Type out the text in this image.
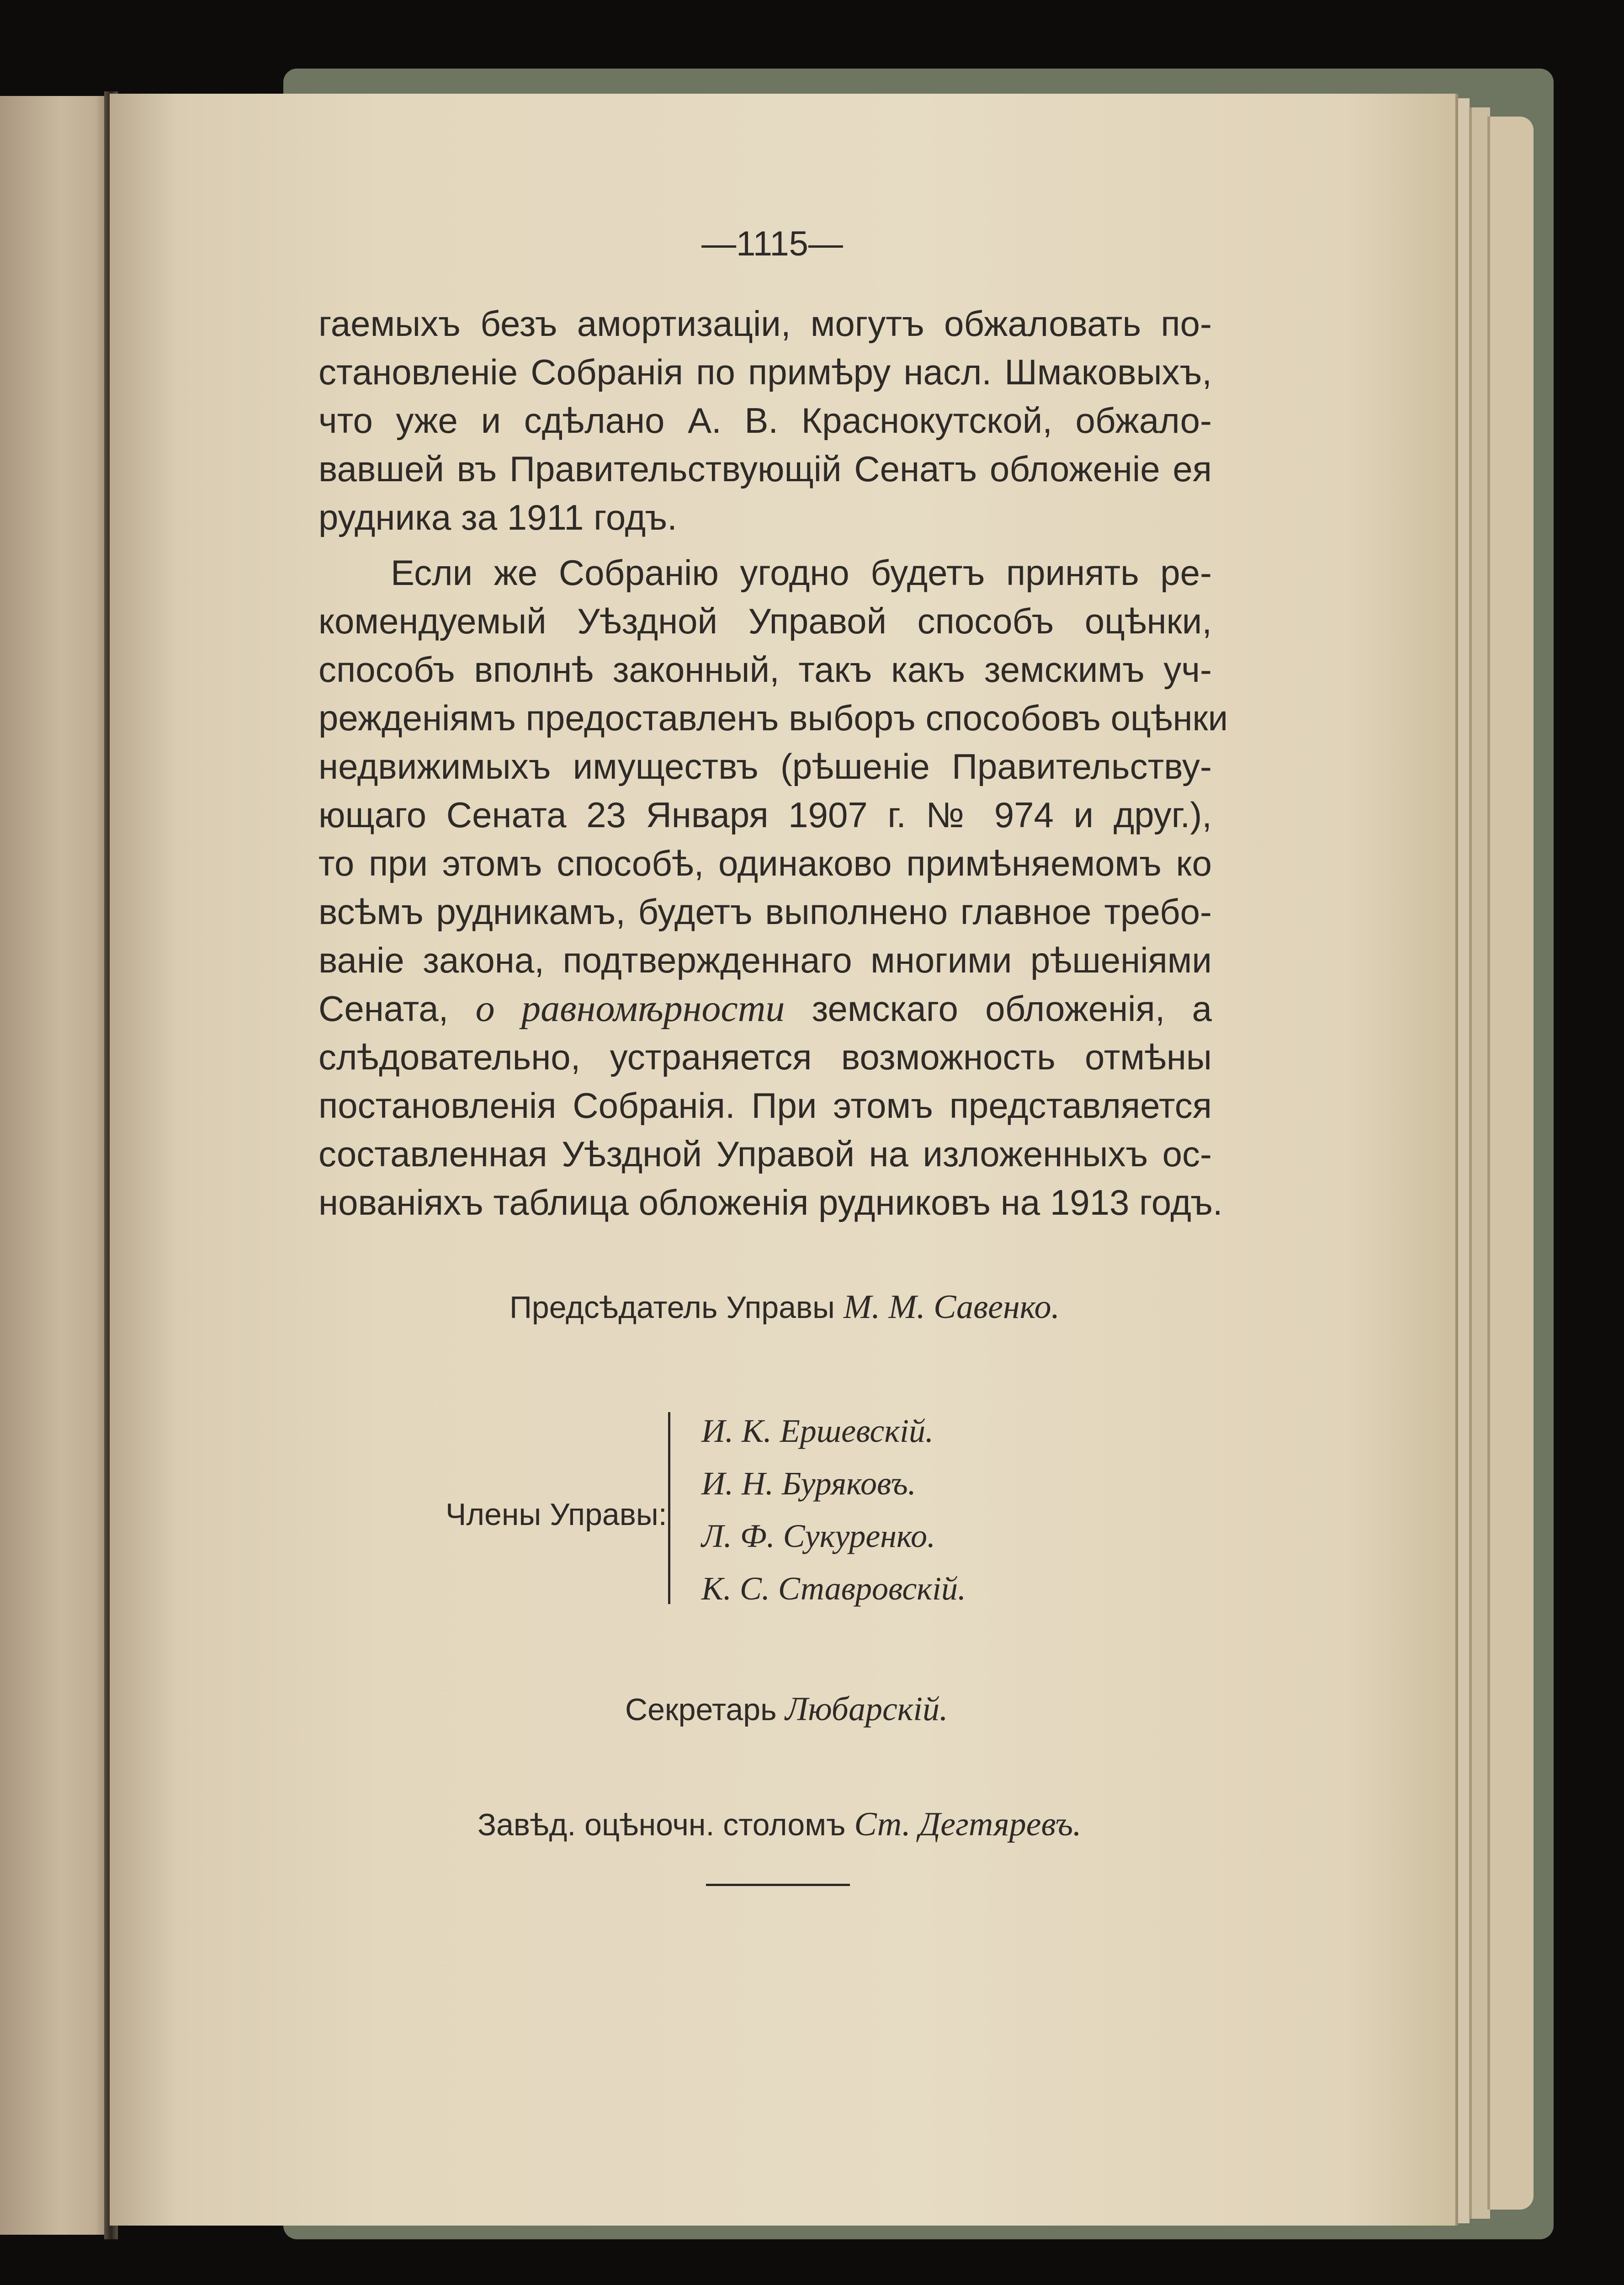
—1115—

гаемыхъ безъ амортизаціи, могутъ обжаловать по-

становленіе Собранія по примѣру насл. Шмаковыхъ,

что уже и сдѣлано А. В. Краснокутской, обжало-

вавшей въ Правительствующій Сенатъ обложеніе ея

рудника за 1911 годъ.

Если же Собранію угодно будетъ принять ре-

комендуемый Уѣздной Управой способъ оцѣнки,

способъ вполнѣ законный, такъ какъ земскимъ уч-

режденіямъ предоставленъ выборъ способовъ оцѣнки

недвижимыхъ имуществъ (рѣшеніе Правительству-

ющаго Сената 23 Января 1907 г. № 974 и друг.),

то при этомъ способѣ, одинаково примѣняемомъ ко

всѣмъ рудникамъ, будетъ выполнено главное требо-

ваніе закона, подтвержденнаго многими рѣшеніями

Сената, о равномѣрности земскаго обложенія, а

слѣдовательно, устраняется возможность отмѣны

постановленія Собранія. При этомъ представляется

составленная Уѣздной Управой на изложенныхъ ос-

нованіяхъ таблица обложенія рудниковъ на 1913 годъ.

Предсѣдатель Управы М. М. Савенко.

Члены Управы:

И. К. Ершевскій.

И. Н. Буряковъ.

Л. Ф. Сукуренко.

К. С. Ставровскій.

Секретарь Любарскій.

Завѣд. оцѣночн. столомъ Ст. Дегтяревъ.
